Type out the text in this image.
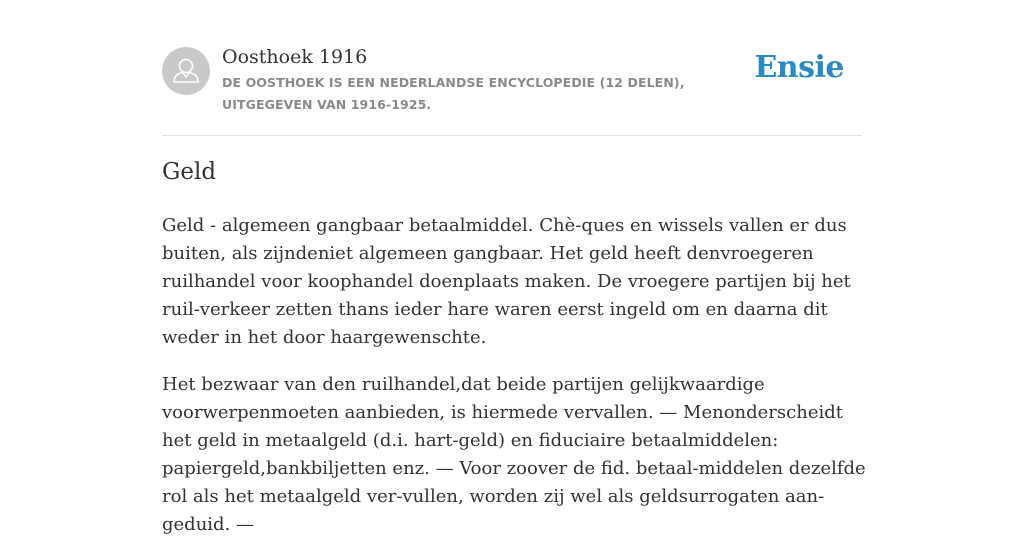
Oosthoek 1916
DE OOSTHOEK IS EEN NEDERLANDSE ENCYCLOPEDIE (12 DELEN), UITGEGEVEN VAN 1916-1925.
Ensie
Geld

Geld - algemeen gangbaar betaalmiddel. Chè-ques en wissels vallen er dus buiten, als zijndeniet algemeen gangbaar. Het geld heeft denvroegeren ruilhandel voor koophandel doenplaats maken. De vroegere partijen bij het ruil-verkeer zetten thans ieder hare waren eerst ingeld om en daarna dit weder in het door haargewenschte.

Het bezwaar van den ruilhandel,dat beide partijen gelijkwaardige voorwerpenmoeten aanbieden, is hiermede vervallen. — Menonderscheidt het geld in metaalgeld (d.i. hart-geld) en fiduciaire betaalmiddelen: papiergeld,bankbiljetten enz. — Voor zoover de fid. betaal-middelen dezelfde rol als het metaalgeld ver-vullen, worden zij wel als geldsurrogaten aan-geduid. —
